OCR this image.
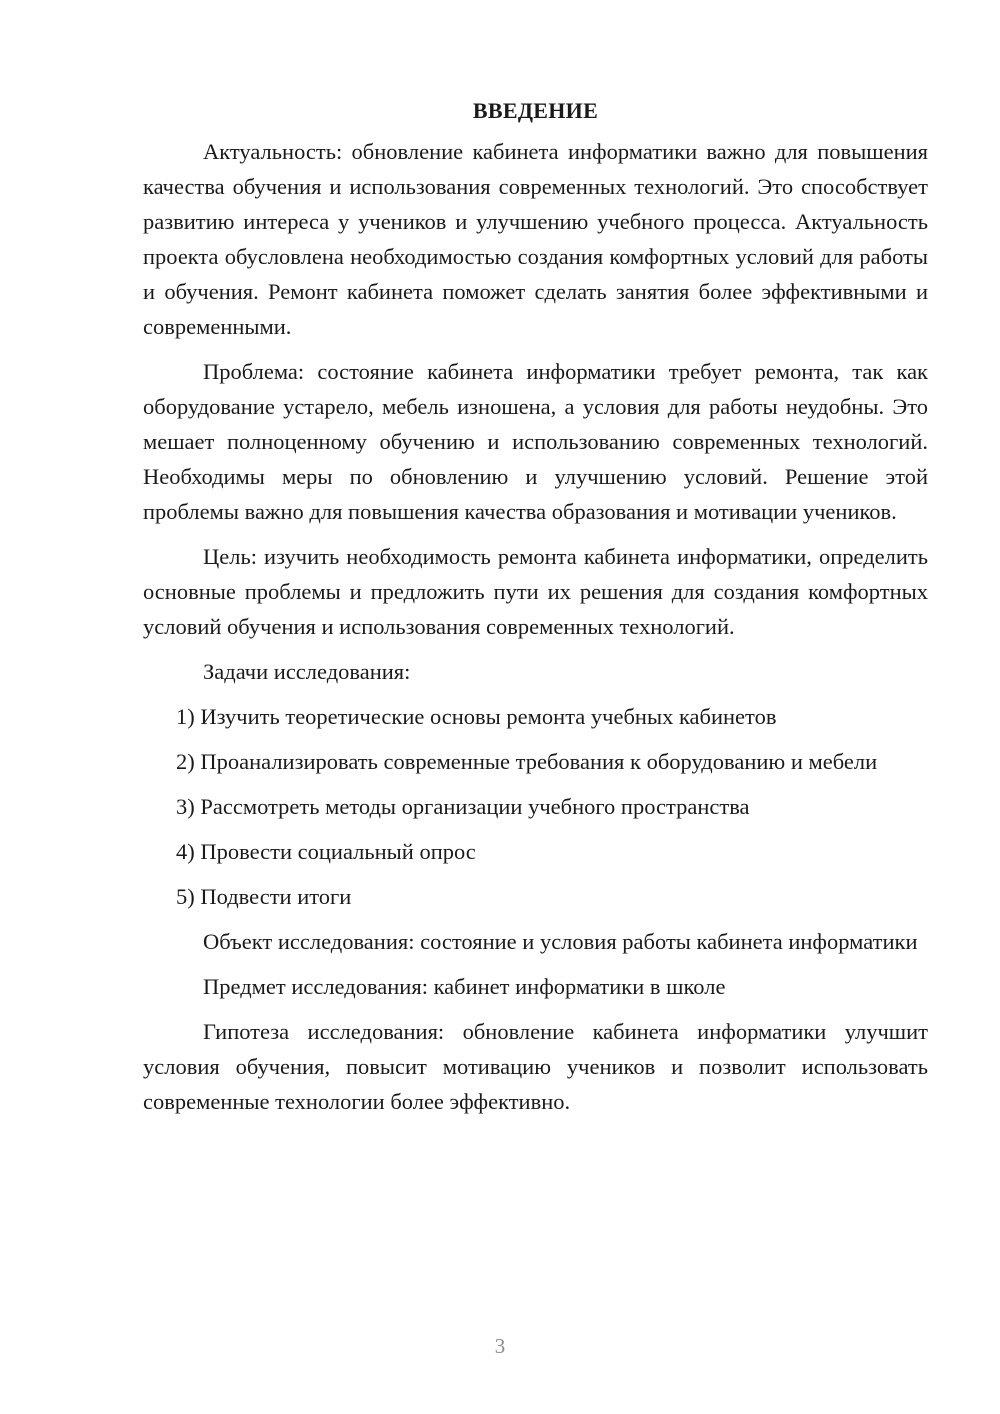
ВВЕДЕНИЕ
Актуальность: обновление кабинета информатики важно для повышения качества обучения и использования современных технологий. Это способствует развитию интереса у учеников и улучшению учебного процесса. Актуальность проекта обусловлена необходимостью создания комфортных условий для работы и обучения. Ремонт кабинета поможет сделать занятия более эффективными и современными.
Проблема: состояние кабинета информатики требует ремонта, так как оборудование устарело, мебель изношена, а условия для работы неудобны. Это мешает полноценному обучению и использованию современных технологий. Необходимы меры по обновлению и улучшению условий. Решение этой проблемы важно для повышения качества образования и мотивации учеников.
Цель: изучить необходимость ремонта кабинета информатики, определить основные проблемы и предложить пути их решения для создания комфортных условий обучения и использования современных технологий.
Задачи исследования:
1) Изучить теоретические основы ремонта учебных кабинетов
2) Проанализировать современные требования к оборудованию и мебели
3) Рассмотреть методы организации учебного пространства
4) Провести социальный опрос
5) Подвести итоги
Объект исследования: состояние и условия работы кабинета информатики
Предмет исследования: кабинет информатики в школе
Гипотеза исследования: обновление кабинета информатики улучшит условия обучения, повысит мотивацию учеников и позволит использовать современные технологии более эффективно.
3
